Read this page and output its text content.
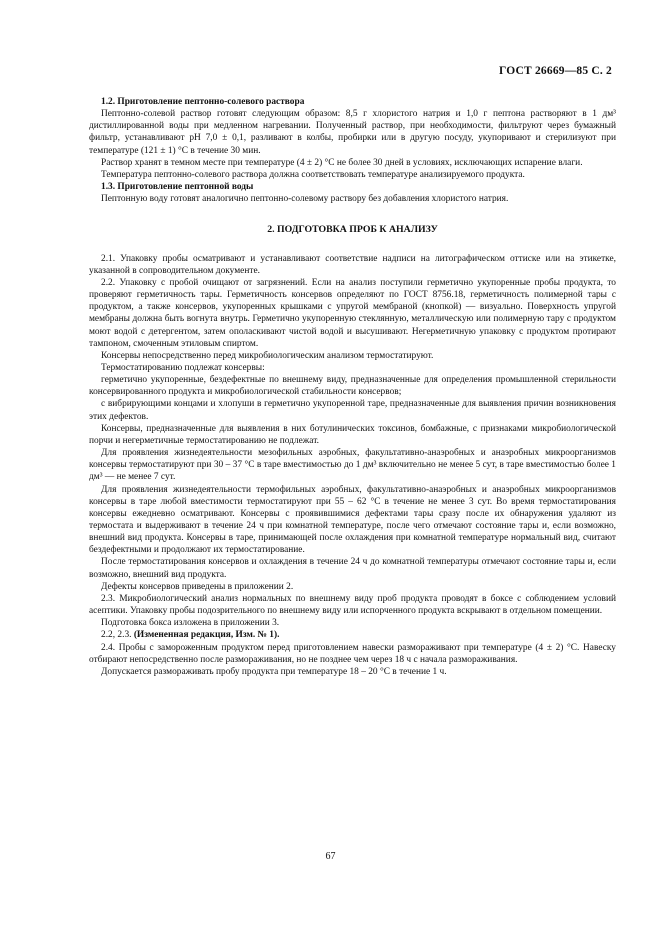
ГОСТ 26669—85 С. 2

1.2. Приготовление пептонно-солевого раствора

Пептонно-солевой раствор готовят следующим образом: 8,5 г хлористого натрия и 1,0 г пептона растворяют в 1 дм³ дистиллированной воды при медленном нагревании. Полученный раствор, при необходимости, фильтруют через бумажный фильтр, устанавливают pH 7,0 ± 0,1, разливают в колбы, пробирки или в другую посуду, укупоривают и стерилизуют при температуре (121 ± 1) °С в течение 30 мин.

Раствор хранят в темном месте при температуре (4 ± 2) °С не более 30 дней в условиях, исключающих испарение влаги.

Температура пептонно-солевого раствора должна соответствовать температуре анализируемого продукта.

1.3. Приготовление пептонной воды

Пептонную воду готовят аналогично пептонно-солевому раствору без добавления хлористого натрия.

2. ПОДГОТОВКА ПРОБ К АНАЛИЗУ

2.1. Упаковку пробы осматривают и устанавливают соответствие надписи на литографическом оттиске или на этикетке, указанной в сопроводительном документе.

2.2. Упаковку с пробой очищают от загрязнений. Если на анализ поступили герметично укупоренные пробы продукта, то проверяют герметичность тары. Герметичность консервов определяют по ГОСТ 8756.18, герметичность полимерной тары с продуктом, а также консервов, укупоренных крышками с упругой мембраной (кнопкой) — визуально. Поверхность упругой мембраны должна быть вогнута внутрь. Герметично укупоренную стеклянную, металлическую или полимерную тару с продуктом моют водой с детергентом, затем ополаскивают чистой водой и высушивают. Негерметичную упаковку с продуктом протирают тампоном, смоченным этиловым спиртом.

Консервы непосредственно перед микробиологическим анализом термостатируют.

Термостатированию подлежат консервы:

герметично укупоренные, бездефектные по внешнему виду, предназначенные для определения промышленной стерильности консервированного продукта и микробиологической стабильности консервов;

с вибрирующими концами и хлопуши в герметично укупоренной таре, предназначенные для выявления причин возникновения этих дефектов.

Консервы, предназначенные для выявления в них ботулинических токсинов, бомбажные, с признаками микробиологической порчи и негерметичные термостатированию не подлежат.

Для проявления жизнедеятельности мезофильных аэробных, факультативно-анаэробных и анаэробных микроорганизмов консервы термостатируют при 30 – 37 °С в таре вместимостью до 1 дм³ включительно не менее 5 сут, в таре вместимостью более 1 дм³ — не менее 7 сут.

Для проявления жизнедеятельности термофильных аэробных, факультативно-анаэробных и анаэробных микроорганизмов консервы в таре любой вместимости термостатируют при 55 – 62 °С в течение не менее 3 сут. Во время термостатирования консервы ежедневно осматривают. Консервы с проявившимися дефектами тары сразу после их обнаружения удаляют из термостата и выдерживают в течение 24 ч при комнатной температуре, после чего отмечают состояние тары и, если возможно, внешний вид продукта. Консервы в таре, принимающей после охлаждения при комнатной температуре нормальный вид, считают бездефектными и продолжают их термостатирование.

После термостатирования консервов и охлаждения в течение 24 ч до комнатной температуры отмечают состояние тары и, если возможно, внешний вид продукта.

Дефекты консервов приведены в приложении 2.

2.3. Микробиологический анализ нормальных по внешнему виду проб продукта проводят в боксе с соблюдением условий асептики. Упаковку пробы подозрительного по внешнему виду или испорченного продукта вскрывают в отдельном помещении.

Подготовка бокса изложена в приложении 3.

2.2, 2.3. (Измененная редакция, Изм. № 1).

2.4. Пробы с замороженным продуктом перед приготовлением навески размораживают при температуре (4 ± 2) °С. Навеску отбирают непосредственно после размораживания, но не позднее чем через 18 ч с начала размораживания.

Допускается размораживать пробу продукта при температуре 18 – 20 °С в течение 1 ч.

67
